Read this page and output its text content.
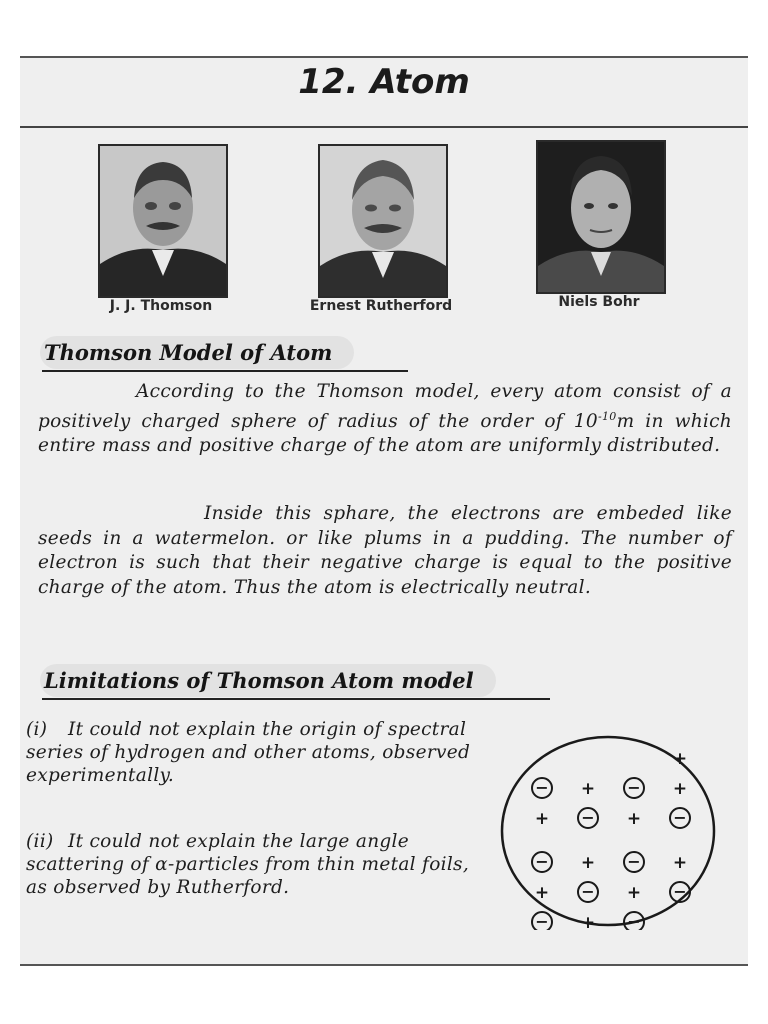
12. Atom
J. J. Thomson	Ernest Rutherford	Niels Bohr
Thomson Model of Atom

According to the Thomson model, every atom consist of a positively charged sphere of radius of the order of $10^{-10}m$ in which entire mass and positive charge of the atom are uniformly distributed.

Inside this sphare, the electrons are embeded like seeds in a watermelon. or like plums in a pudding. The number of electron is such that their negative charge is equal to the positive charge of the atom. Thus the atom is electrically neutral.

Limitations of Thomson Atom model

(i) It could not explain the origin of spectral series of hydrogen and other atoms, observed experimentally.

(ii) It could not explain the large angle scattering of α-particles from thin metal foils, as observed by Rutherford.

+
− + − +
+ − + −
− + − +
+ − + −
− + −
